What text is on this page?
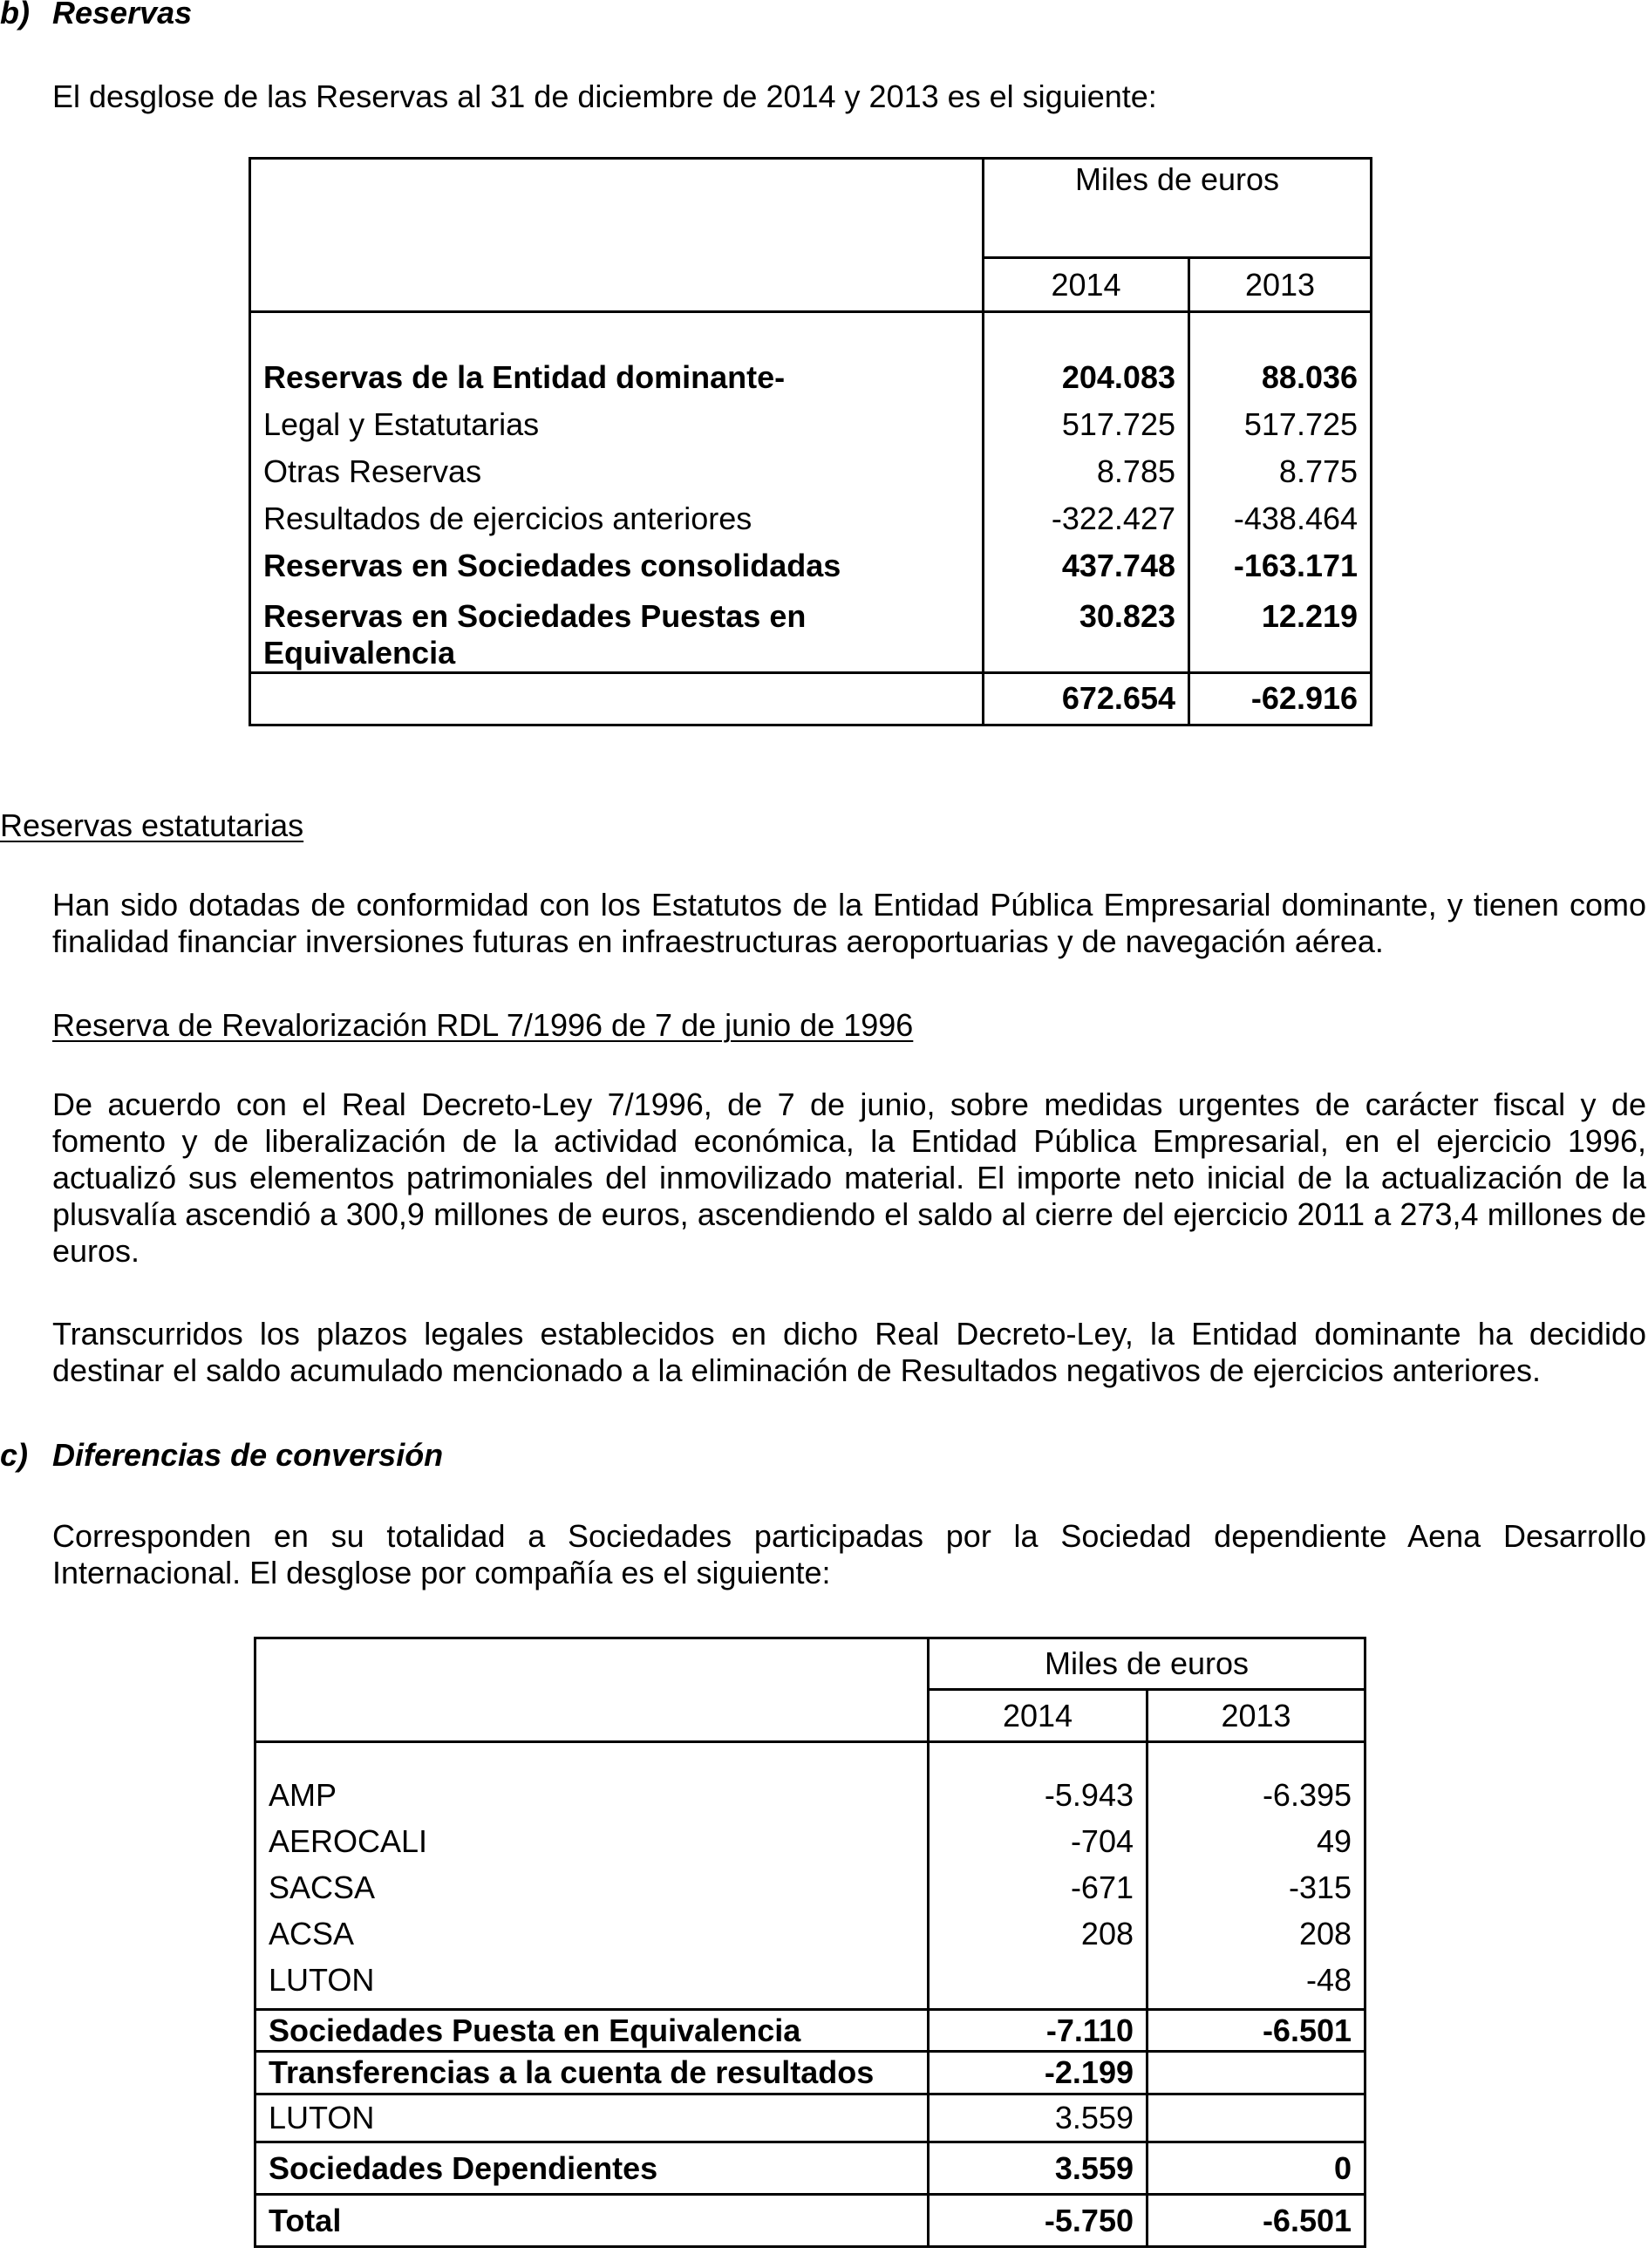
b) Reservas
El desglose de las Reservas al 31 de diciembre de 2014 y 2013 es el siguiente:
	Miles de euros	
	2014	2013

Reservas de la Entidad dominante-	204.083	88.036
Legal y Estatutarias	517.725	517.725
Otras Reservas	8.785	8.775
Resultados de ejercicios anteriores	-322.427	-438.464
Reservas en Sociedades consolidadas	437.748	-163.171
Reservas en Sociedades Puestas en Equivalencia	30.823	12.219
	672.654	-62.916
Reservas estatutarias
Han sido dotadas de conformidad con los Estatutos de la Entidad Pública Empresarial dominante, y tienen como finalidad financiar inversiones futuras en infraestructuras aeroportuarias y de navegación aérea.
Reserva de Revalorización RDL 7/1996 de 7 de junio de 1996
De acuerdo con el Real Decreto-Ley 7/1996, de 7 de junio, sobre medidas urgentes de carácter fiscal y de fomento y de liberalización de la actividad económica, la Entidad Pública Empresarial, en el ejercicio 1996, actualizó sus elementos patrimoniales del inmovilizado material. El importe neto inicial de la actualización de la plusvalía ascendió a 300,9 millones de euros, ascendiendo el saldo al cierre del ejercicio 2011 a 273,4 millones de euros.
Transcurridos los plazos legales establecidos en dicho Real Decreto-Ley, la Entidad dominante ha decidido destinar el saldo acumulado mencionado a la eliminación de Resultados negativos de ejercicios anteriores.
c) Diferencias de conversión
Corresponden en su totalidad a Sociedades participadas por la Sociedad dependiente Aena Desarrollo Internacional. El desglose por compañía es el siguiente:
	Miles de euros	
	2014	2013

AMP	-5.943	-6.395
AEROCALI	-704	49
SACSA	-671	-315
ACSA	208	208
LUTON		-48
Sociedades Puesta en Equivalencia	-7.110	-6.501
Transferencias a la cuenta de resultados	-2.199	
LUTON	3.559	
Sociedades Dependientes	3.559	0
Total	-5.750	-6.501
